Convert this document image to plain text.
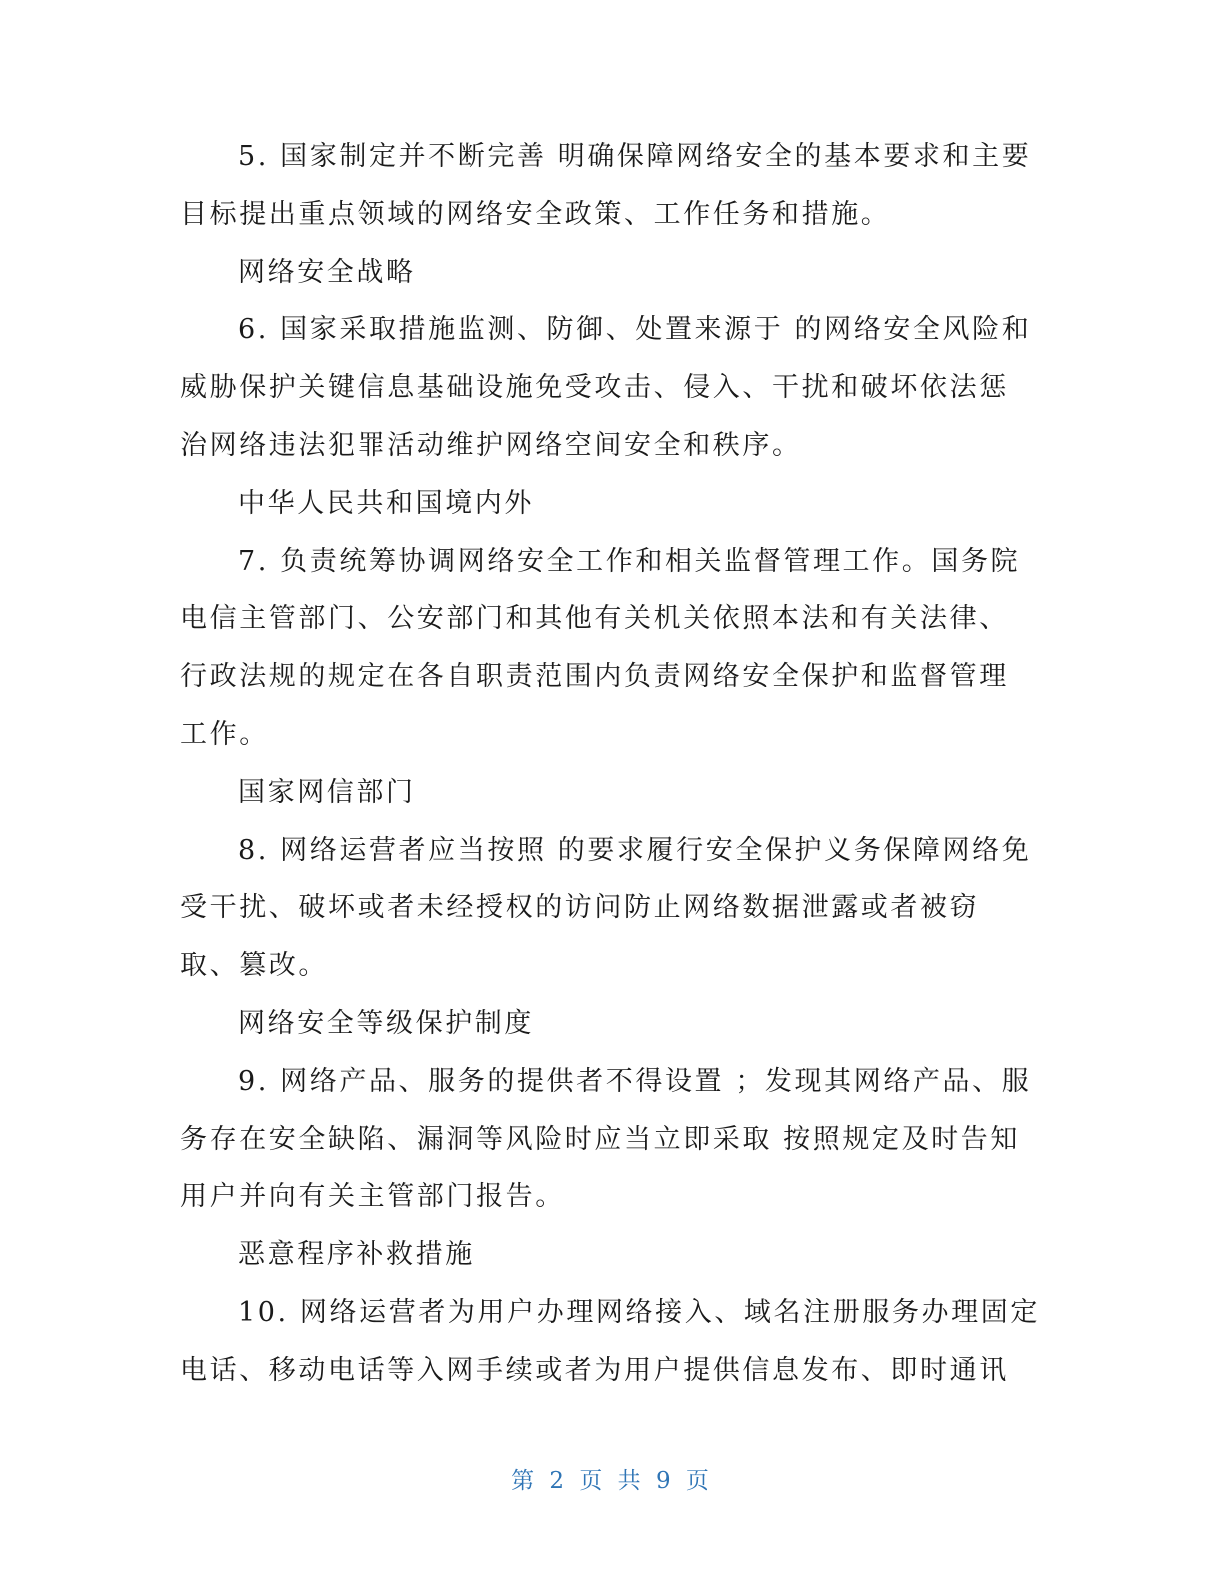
5. 国家制定并不断完善 明确保障网络安全的基本要求和主要
目标提出重点领域的网络安全政策、工作任务和措施。
网络安全战略
6. 国家采取措施监测、防御、处置来源于 的网络安全风险和
威胁保护关键信息基础设施免受攻击、侵入、干扰和破坏依法惩
治网络违法犯罪活动维护网络空间安全和秩序。
中华人民共和国境内外
7. 负责统筹协调网络安全工作和相关监督管理工作。国务院
电信主管部门、公安部门和其他有关机关依照本法和有关法律、
行政法规的规定在各自职责范围内负责网络安全保护和监督管理
工作。
国家网信部门
8. 网络运营者应当按照 的要求履行安全保护义务保障网络免
受干扰、破坏或者未经授权的访问防止网络数据泄露或者被窃
取、篡改。
网络安全等级保护制度
9. 网络产品、服务的提供者不得设置 ；发现其网络产品、服
务存在安全缺陷、漏洞等风险时应当立即采取 按照规定及时告知
用户并向有关主管部门报告。
恶意程序补救措施
10. 网络运营者为用户办理网络接入、域名注册服务办理固定
电话、移动电话等入网手续或者为用户提供信息发布、即时通讯
第 2 页 共 9 页
